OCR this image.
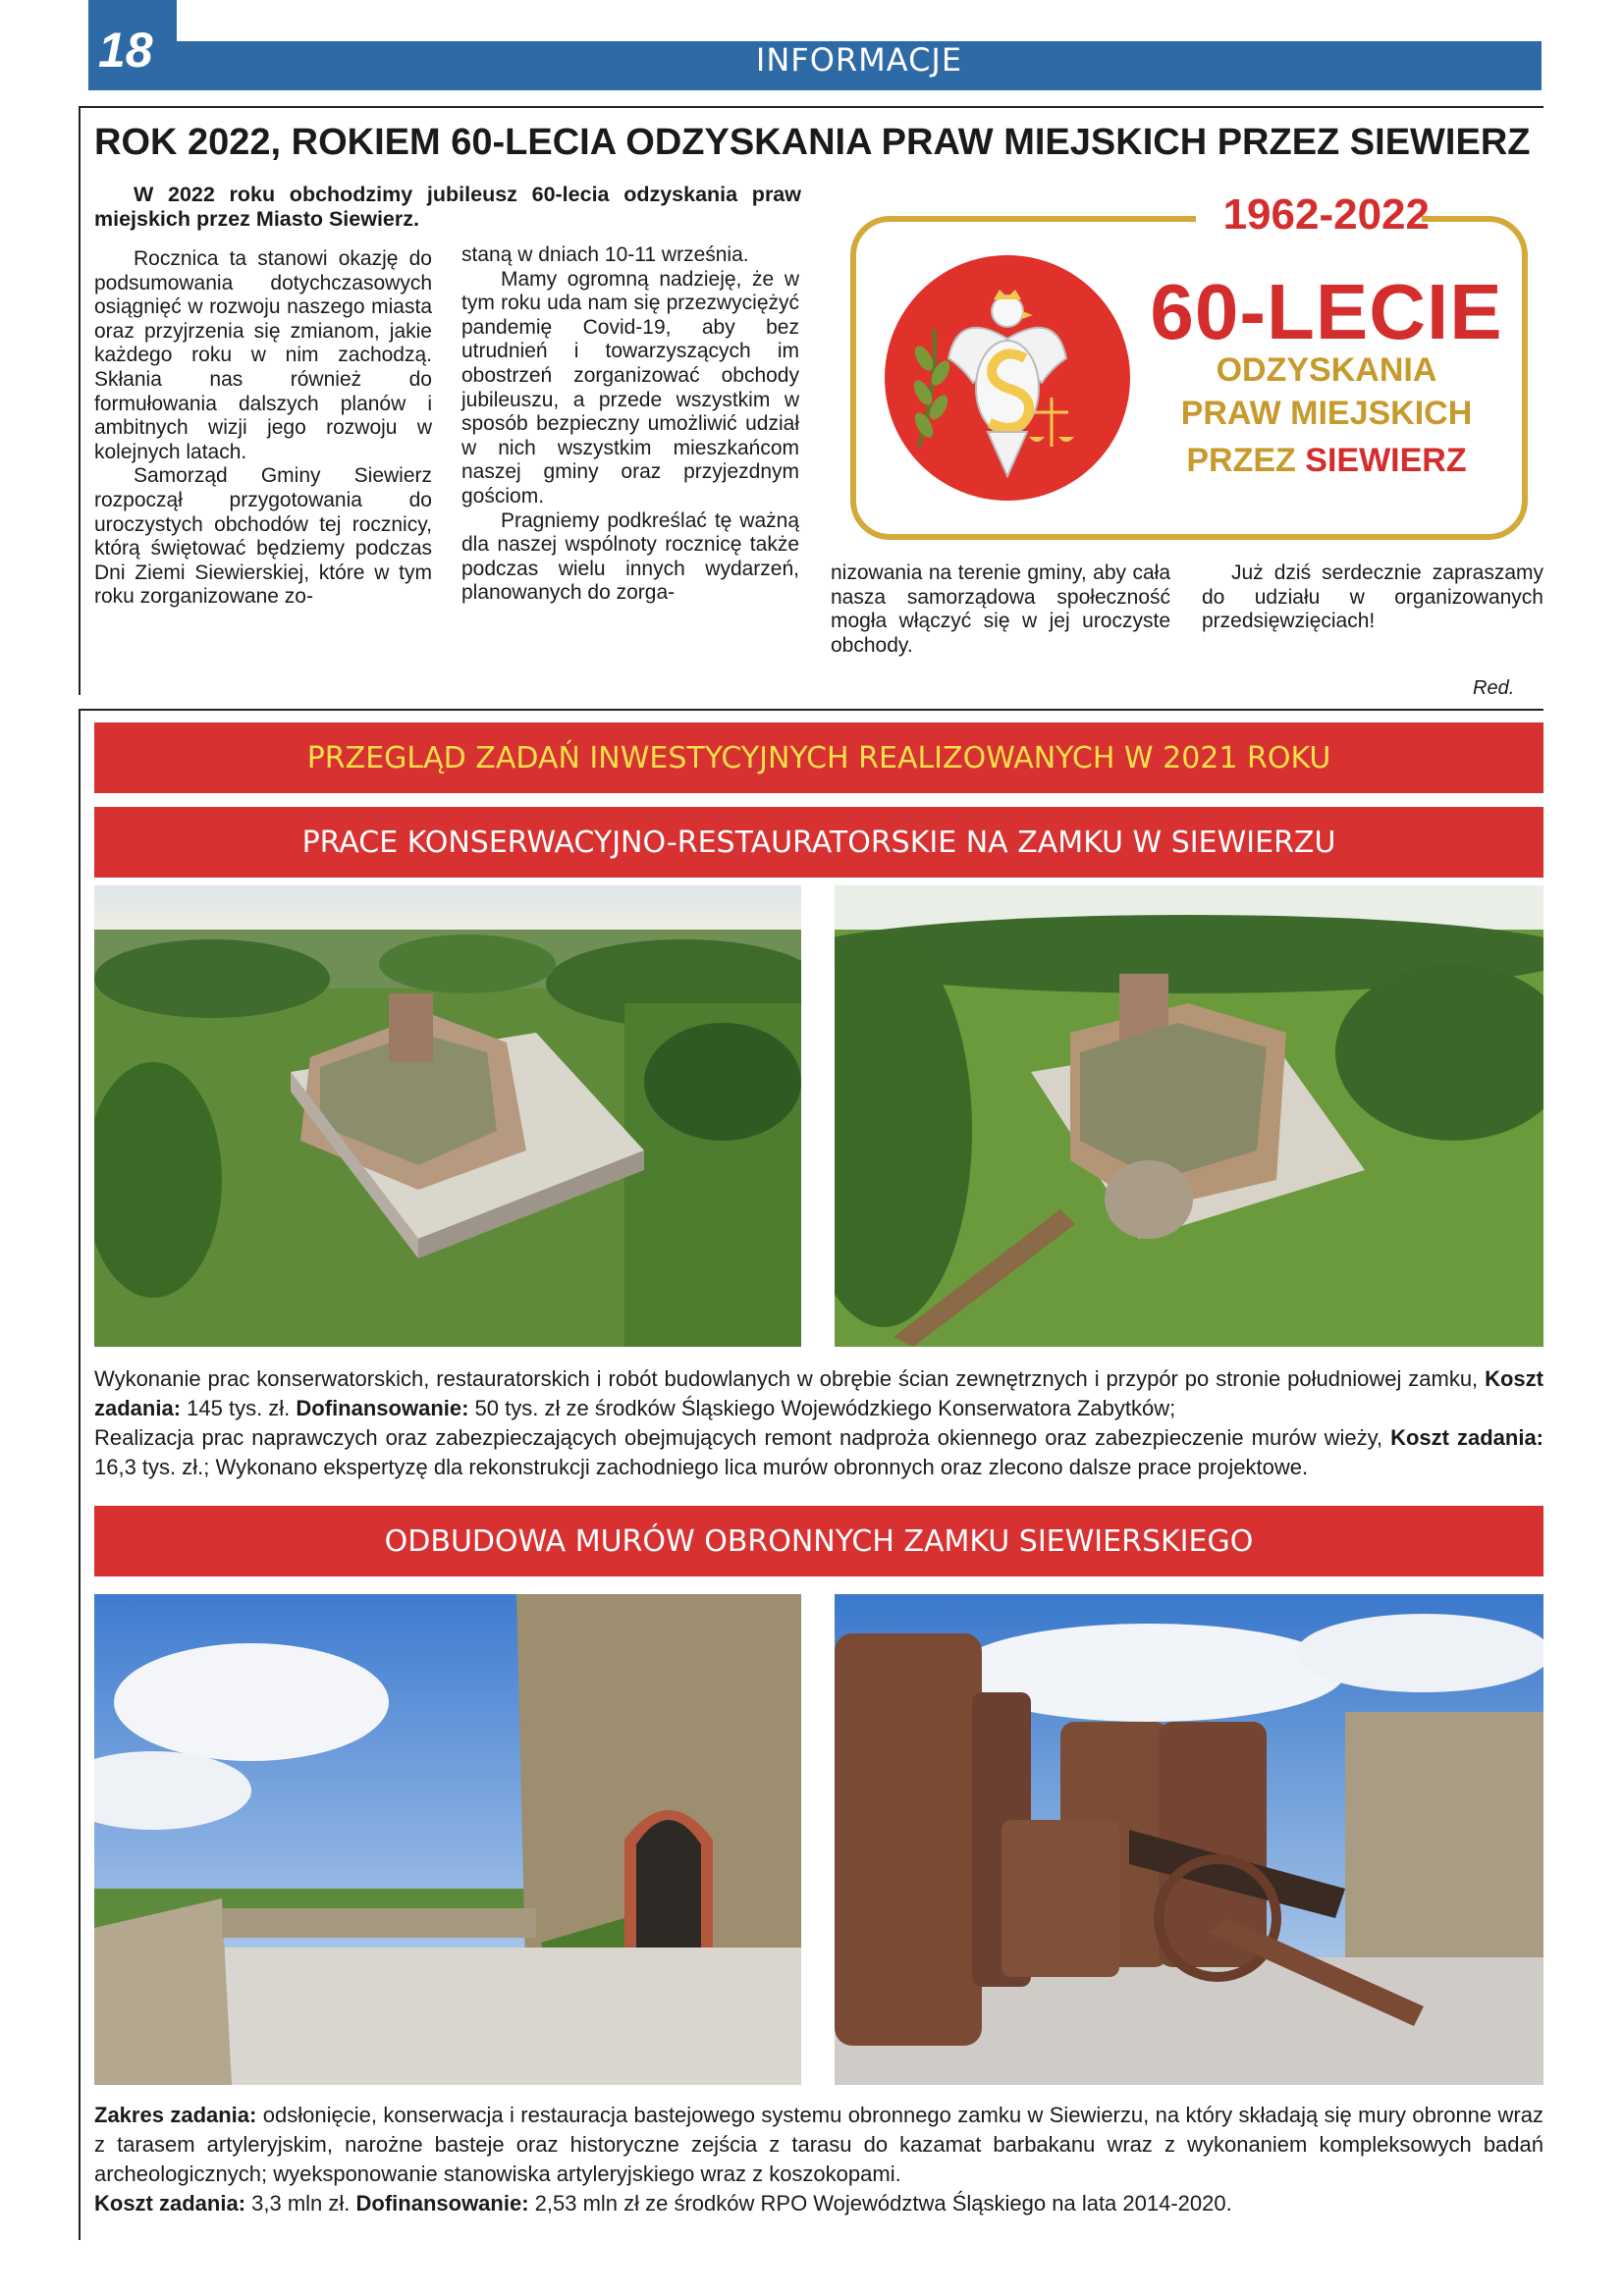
18	INFORMACJE
ROK 2022, ROKIEM 60-LECIA ODZYSKANIA PRAW MIEJSKICH PRZEZ SIEWIERZ
W 2022 roku obchodzimy jubileusz 60-lecia odzyskania praw miejskich przez Miasto Siewierz.

Rocznica ta stanowi okazję do podsumowania dotychczasowych osiągnięć w rozwoju naszego miasta oraz przyjrzenia się zmianom, jakie każdego roku w nim zachodzą. Skłania nas również do formułowania dalszych planów i ambitnych wizji jego rozwoju w kolejnych latach.

Samorząd Gminy Siewierz rozpoczął przygotowania do uroczystych obchodów tej rocznicy, którą świętować będziemy podczas Dni Ziemi Siewierskiej, które w tym roku zorganizowane zo-

staną w dniach 10-11 września.

Mamy ogromną nadzieję, że w tym roku uda nam się przezwyciężyć pandemię Covid-19, aby bez utrudnień i towarzyszących im obostrzeń zorganizować obchody jubileuszu, a przede wszystkim w sposób bezpieczny umożliwić udział w nich wszystkim mieszkańcom naszej gminy oraz przyjezdnym gościom.

Pragniemy podkreślać tę ważną dla naszej wspólnoty rocznicę także podczas wielu innych wydarzeń, planowanych do zorga-

nizowania na terenie gminy, aby cała nasza samorządowa społeczność mogła włączyć się w jej uroczyste obchody.

Już dziś serdecznie zapraszamy do udziału w organizowanych przedsięwzięciach!

Red.
1962-2022
60-LECIE
ODZYSKANIA
PRAW MIEJSKICH
PRZEZ SIEWIERZ
PRZEGLĄD ZADAŃ INWESTYCYJNYCH REALIZOWANYCH W 2021 ROKU
PRACE KONSERWACYJNO-RESTAURATORSKIE NA ZAMKU W SIEWIERZU
Wykonanie prac konserwatorskich, restauratorskich i robót budowlanych w obrębie ścian zewnętrznych i przypór po stronie południowej zamku, Koszt zadania: 145 tys. zł. Dofinansowanie: 50 tys. zł ze środków Śląskiego Wojewódzkiego Konserwatora Zabytków;
Realizacja prac naprawczych oraz zabezpieczających obejmujących remont nadproża okiennego oraz zabezpieczenie murów wieży, Koszt zadania: 16,3 tys. zł.; Wykonano ekspertyzę dla rekonstrukcji zachodniego lica murów obronnych oraz zlecono dalsze prace projektowe.
ODBUDOWA MURÓW OBRONNYCH ZAMKU SIEWIERSKIEGO
Zakres zadania: odsłonięcie, konserwacja i restauracja bastejowego systemu obronnego zamku w Siewierzu, na który składają się mury obronne wraz z tarasem artyleryjskim, narożne basteje oraz historyczne zejścia z tarasu do kazamat barbakanu wraz z wykonaniem kompleksowych badań archeologicznych; wyeksponowanie stanowiska artyleryjskiego wraz z koszokopami.
Koszt zadania: 3,3 mln zł. Dofinansowanie: 2,53 mln zł ze środków RPO Województwa Śląskiego na lata 2014-2020.
